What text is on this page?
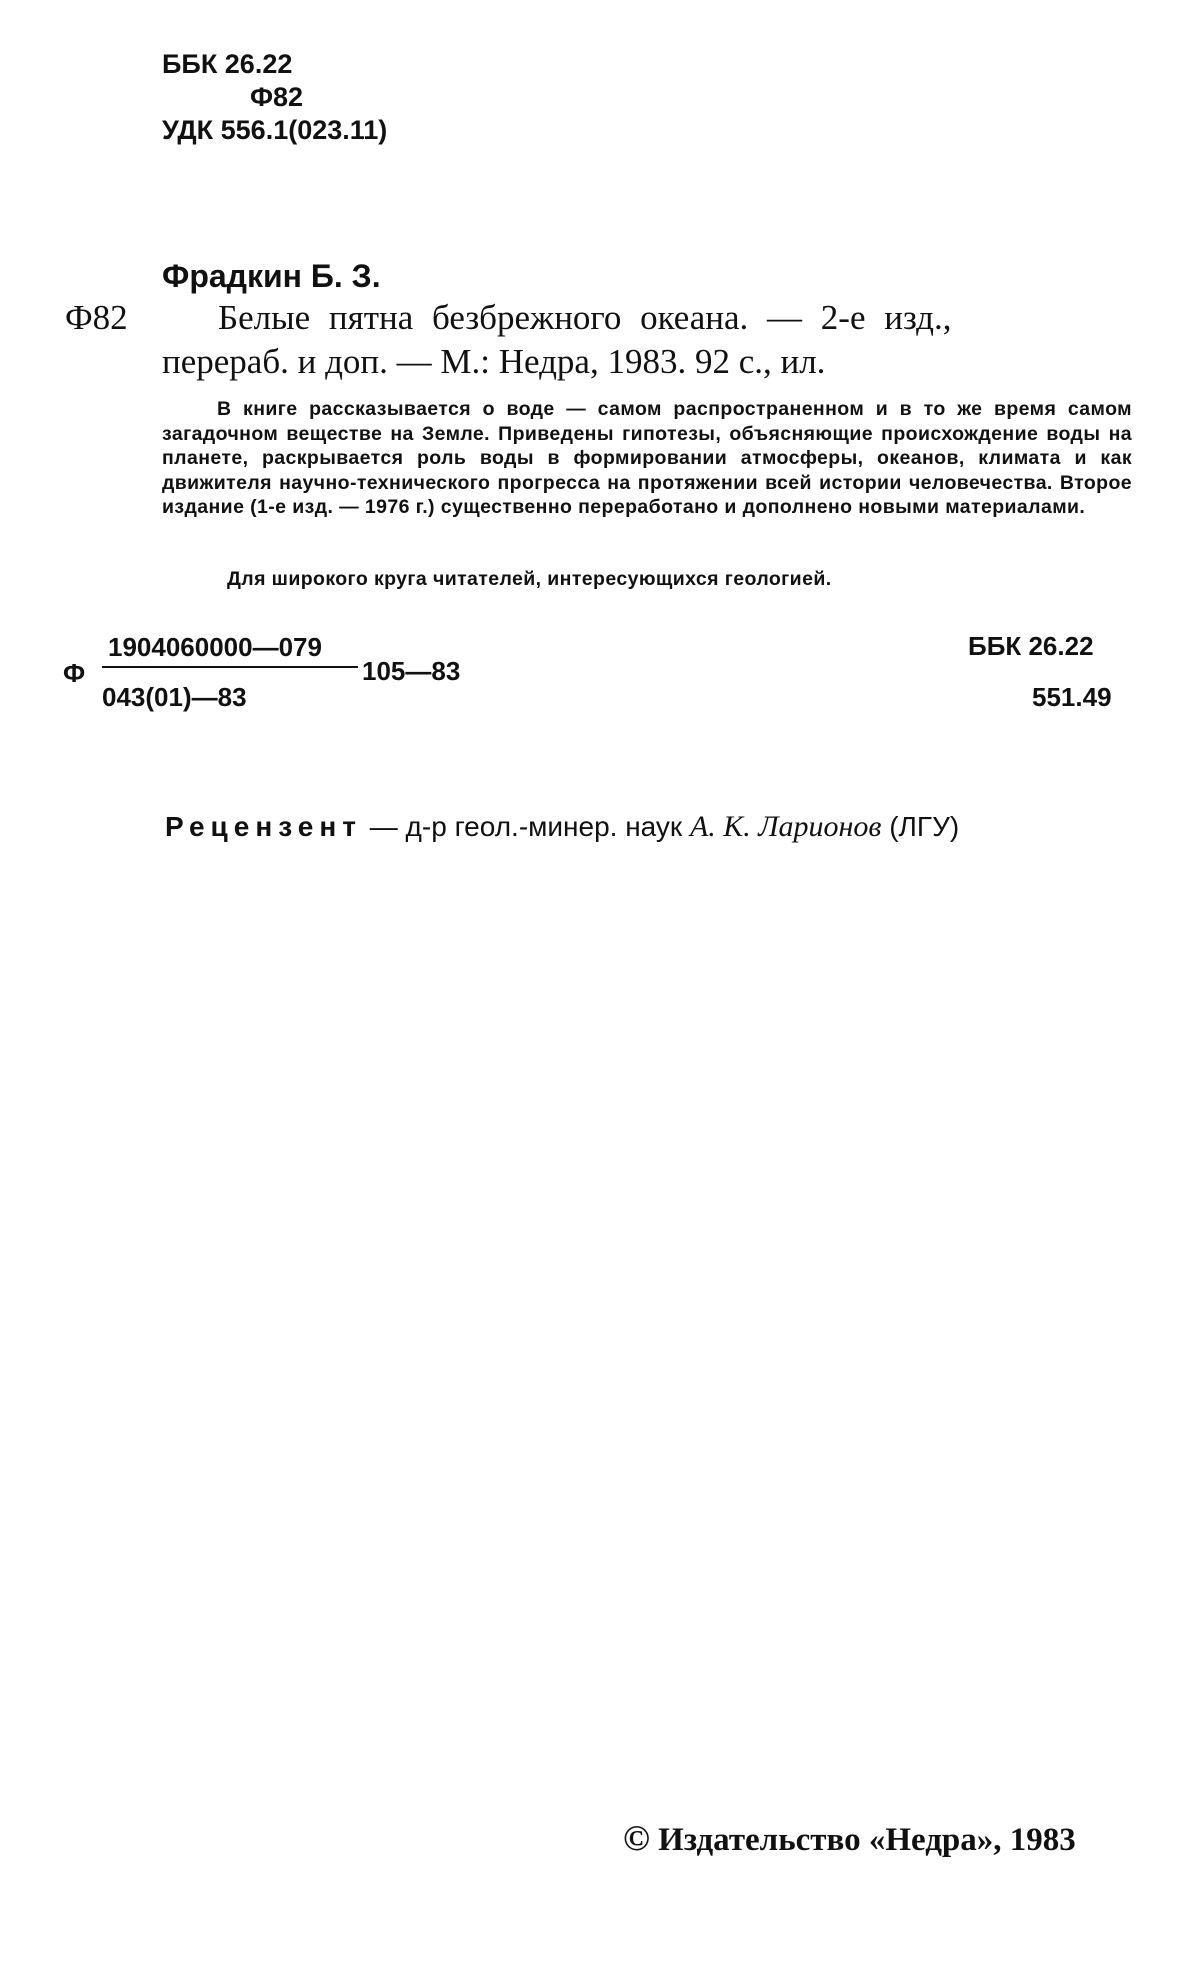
ББК 26.22
Ф82
УДК 556.1(023.11)
Фрадкин Б. З.
Ф82	Белые пятна безбрежного океана. — 2-е изд.,
перераб. и доп. — М.: Недра, 1983. 92 с., ил.
В книге рассказывается о воде — самом распространенном и в то же время самом загадочном веществе на Земле. Приведены гипотезы, объясняющие происхождение воды на планете, раскрывается роль воды в формировании атмосферы, океанов, климата и как движителя научно-технического прогресса на протяжении всей истории человечества. Второе издание (1-е изд. — 1976 г.) существенно переработано и дополнено новыми материалами.
Для широкого круга читателей, интересующихся геологией.
Ф
1904060000—079
043(01)—83
105—83
ББК 26.22
551.49
Рецензент — д-р геол.-минер. наук А. К. Ларионов (ЛГУ)
© Издательство «Недра», 1983
